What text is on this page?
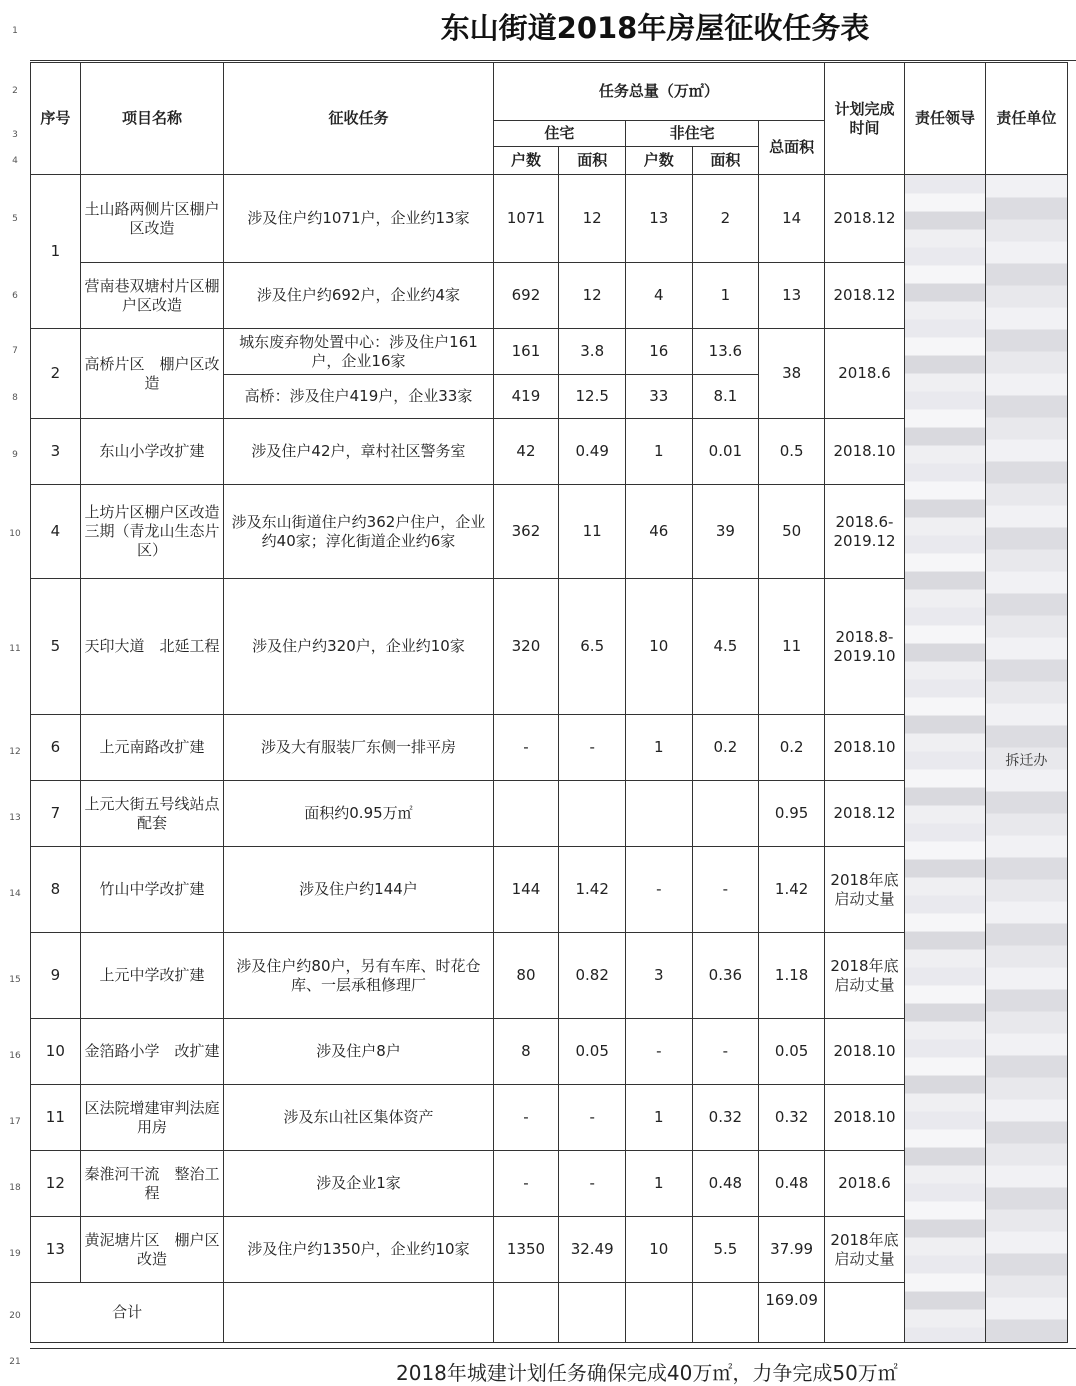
东山街道2018年房屋征收任务表
1
2
3
4
5
6
7
8
9
10
11
12
13
14
15
16
17
18
19
20
21
序号	项目名称	征收任务	任务总量（万㎡）					计划完成时间	责任领导	责任单位		
			住宅		非住宅		总面积					
			户数	面积	户数	面积						
1	土山路两侧片区棚户区改造	涉及住户约1071户，企业约13家	1071	12	13	2	14	2018.12		拆迁办		

	营南巷双塘村片区棚户区改造	涉及住户约692户，企业约4家	692	12	4	1	13	2018.12				
2	高桥片区　棚户区改造	城东废弃物处置中心：涉及住户161户，企业16家	161	3.8	16	13.6	38	2018.6				
		高桥：涉及住户419户，企业33家	419	12.5	33	8.1						
3	东山小学改扩建	涉及住户42户，章村社区警务室	42	0.49	1	0.01	0.5	2018.10				
4	上坊片区棚户区改造三期（青龙山生态片区）	涉及东山街道住户约362户住户，企业约40家；淳化街道企业约6家	362	11	46	39	50	2018.6-2019.12				
5	天印大道　北延工程	涉及住户约320户，企业约10家	320	6.5	10	4.5	11	2018.8-2019.10				
6	上元南路改扩建	涉及大有服装厂东侧一排平房	-	-	1	0.2	0.2	2018.10				
7	上元大街五号线站点配套	面积约0.95万㎡					0.95	2018.12				
8	竹山中学改扩建	涉及住户约144户	144	1.42	-	-	1.42	2018年底启动丈量				
9	上元中学改扩建	涉及住户约80户，另有车库、时花仓库、一层承租修理厂	80	0.82	3	0.36	1.18	2018年底启动丈量				
10	金箔路小学　改扩建	涉及住户8户	8	0.05	-	-	0.05	2018.10				
11	区法院增建审判法庭用房	涉及东山社区集体资产	-	-	1	0.32	0.32	2018.10				
12	秦淮河干流　整治工程	涉及企业1家	-	-	1	0.48	0.48	2018.6				
13	黄泥塘片区　棚户区改造	涉及住户约1350户，企业约10家	1350	32.49	10	5.5	37.99	2018年底启动丈量				
合计							169.09					
2018年城建计划任务确保完成40万㎡，力争完成50万㎡
